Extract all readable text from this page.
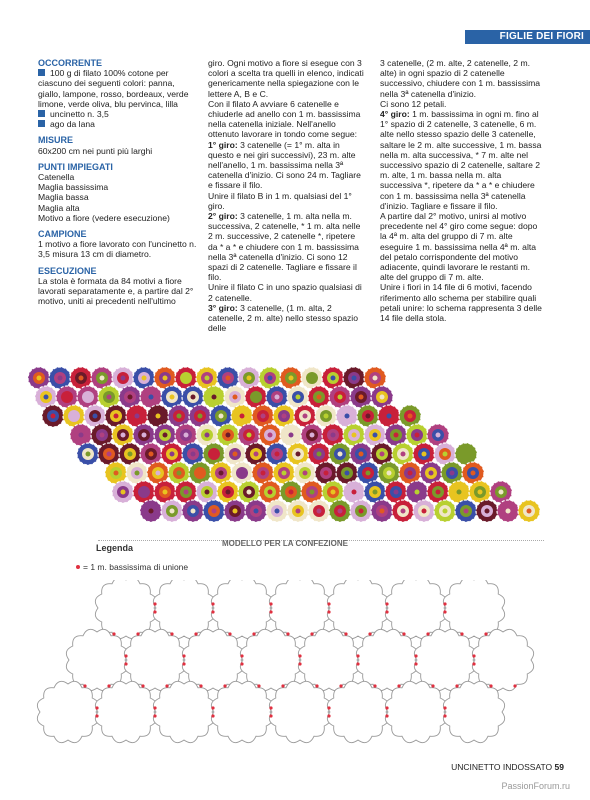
FIGLIE DEI FIORI
OCCORRENTE

100 g di filato 100% cotone per ciascuno dei seguenti colori: panna, giallo, lampone, rosso, bordeaux, verde limone, verde oliva, blu pervinca, lilla

uncinetto n. 3,5

ago da lana

MISURE

60x200 cm nei punti più larghi

PUNTI IMPIEGATI

Catenella

Maglia bassissima

Maglia bassa

Maglia alta

Motivo a fiore (vedere esecuzione)

CAMPIONE

1 motivo a fiore lavorato con l'uncinetto n. 3,5 misura 13 cm di diametro.

ESECUZIONE

La stola è formata da 84 motivi a fiore lavorati separatamente e, a partire dal 2° motivo, uniti ai precedenti nell'ultimo

giro. Ogni motivo a fiore si esegue con 3 colori a scelta tra quelli in elenco, indicati genericamente nella spiegazione con le lettere A, B e C.

Con il filato A avviare 6 catenelle e chiuderle ad anello con 1 m. bassissima nella catenella iniziale. Nell'anello ottenuto lavorare in tondo come segue:

1° giro: 3 catenelle (= 1° m. alta in questo e nei giri successivi), 23 m. alte nell'anello, 1 m. bassissima nella 3ª catenella d'inizio. Ci sono 24 m. Tagliare e fissare il filo.

Unire il filato B in 1 m. qualsiasi del 1° giro.

2° giro: 3 catenelle, 1 m. alta nella m. successiva, 2 catenelle, * 1 m. alta nelle 2 m. successive, 2 catenelle *, ripetere da * a * e chiudere con 1 m. bassissima nella 3ª catenella d'inizio. Ci sono 12 spazi di 2 catenelle. Tagliare e fissare il filo.

Unire il filato C in uno spazio qualsiasi di 2 catenelle.

3° giro: 3 catenelle, (1 m. alta, 2 catenelle, 2 m. alte) nello stesso spazio delle

3 catenelle, (2 m. alte, 2 catenelle, 2 m. alte) in ogni spazio di 2 catenelle successivo, chiudere con 1 m. bassissima nella 3ª catenella d'inizio.

Ci sono 12 petali.

4° giro: 1 m. bassissima in ogni m. fino al 1° spazio di 2 catenelle, 3 catenelle, 6 m. alte nello stesso spazio delle 3 catenelle, saltare le 2 m. alte successive, 1 m. bassa nella m. alta successiva, * 7 m. alte nel successivo spazio di 2 catenelle, saltare 2 m. alte, 1 m. bassa nella m. alta successiva *, ripetere da * a * e chiudere con 1 m. bassissima nella 3ª catenella d'inizio. Tagliare e fissare il filo.

A partire dal 2° motivo, unirsi al motivo precedente nel 4° giro come segue: dopo la 4ª m. alta del gruppo di 7 m. alte eseguire 1 m. bassissima nella 4ª m. alta del petalo corrispondente del motivo adiacente, quindi lavorare le restanti m. alte del gruppo di 7 m. alte.

Unire i fiori in 14 file di 6 motivi, facendo riferimento allo schema per stabilire quali petali unire: lo schema rappresenta 3 delle 14 file della stola.

MODELLO PER LA CONFEZIONE
Legenda
= 1 m. bassissima di unione
UNCINETTO INDOSSATO 59
PassionForum.ru
